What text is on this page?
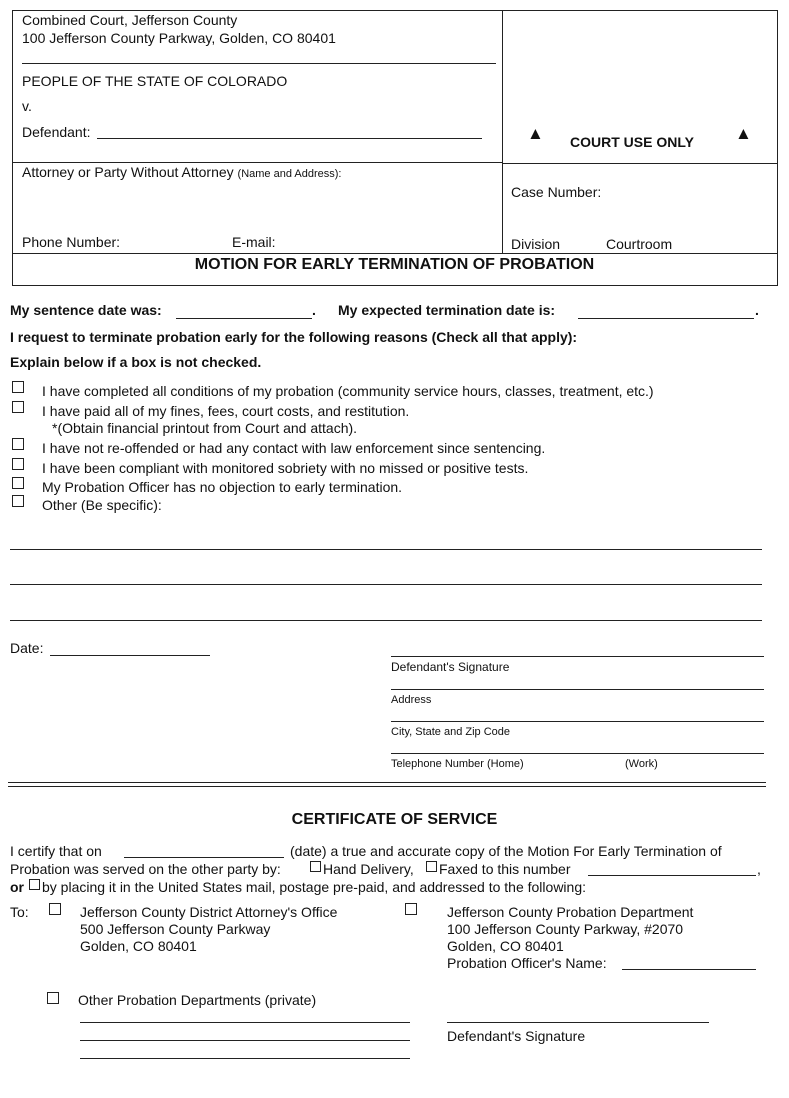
Combined Court, Jefferson County
100 Jefferson County Parkway, Golden, CO 80401
PEOPLE OF THE STATE OF COLORADO
v.
Defendant:	▲ COURT USE ONLY ▲
Attorney or Party Without Attorney (Name and Address):
Case Number:
Phone Number:	E-mail:	Division	Courtroom
MOTION FOR EARLY TERMINATION OF PROBATION
My sentence date was:	. My expected termination date is:	.
I request to terminate probation early for the following reasons (Check all that apply):
Explain below if a box is not checked.
I have completed all conditions of my probation (community service hours, classes, treatment, etc.)
I have paid all of my fines, fees, court costs, and restitution.
*(Obtain financial printout from Court and attach).
I have not re-offended or had any contact with law enforcement since sentencing.
I have been compliant with monitored sobriety with no missed or positive tests.
My Probation Officer has no objection to early termination.
Other (Be specific):
Date:
Defendant's Signature
Address
City, State and Zip Code
Telephone Number (Home)	(Work)
CERTIFICATE OF SERVICE
I certify that on	(date) a true and accurate copy of the Motion For Early Termination of
Probation was served on the other party by:	Hand Delivery, Faxed to this number	,
or by placing it in the United States mail, postage pre-paid, and addressed to the following:
To:	Jefferson County District Attorney's Office
500 Jefferson County Parkway
Golden, CO 80401
Jefferson County Probation Department
100 Jefferson County Parkway, #2070
Golden, CO 80401
Probation Officer's Name:
Other Probation Departments (private)
Defendant's Signature
